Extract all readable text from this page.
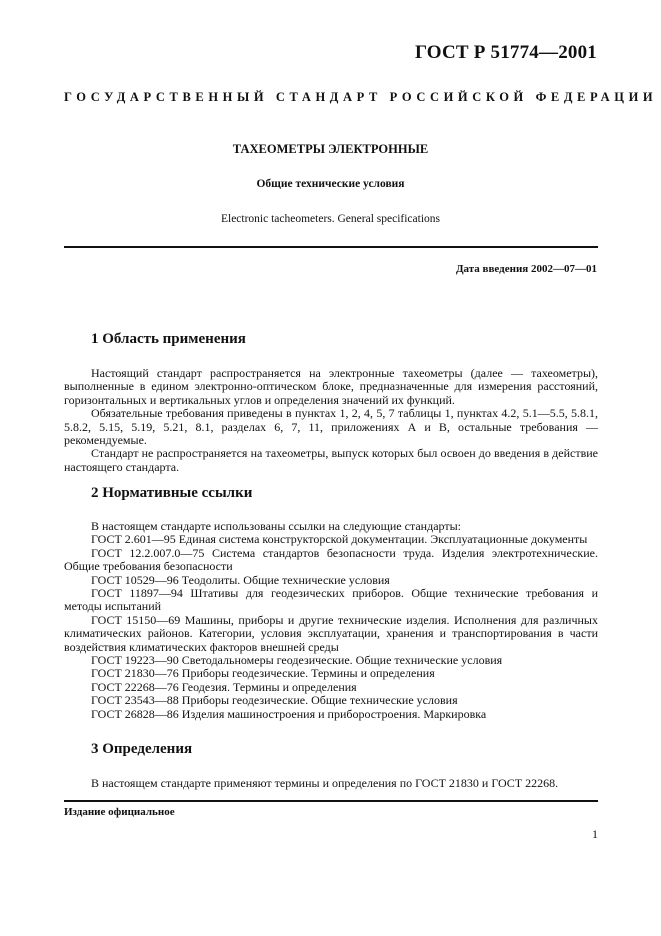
ГОСТ Р 51774—2001
ГОСУДАРСТВЕННЫЙ СТАНДАРТ РОССИЙСКОЙ ФЕДЕРАЦИИ
ТАХЕОМЕТРЫ ЭЛЕКТРОННЫЕ
Общие технические условия
Electronic tacheometers. General specifications
Дата введения 2002—07—01
1 Область применения

Настоящий стандарт распространяется на электронные тахеометры (далее — тахеометры), выполненные в едином электронно-оптическом блоке, предназначенные для измерения расстояний, горизонтальных и вертикальных углов и определения значений их функций.

Обязательные требования приведены в пунктах 1, 2, 4, 5, 7 таблицы 1, пунктах 4.2, 5.1—5.5, 5.8.1, 5.8.2, 5.15, 5.19, 5.21, 8.1, разделах 6, 7, 11, приложениях А и В, остальные требования — рекомендуемые.

Стандарт не распространяется на тахеометры, выпуск которых был освоен до введения в действие настоящего стандарта.

2 Нормативные ссылки

В настоящем стандарте использованы ссылки на следующие стандарты:

ГОСТ 2.601—95 Единая система конструкторской документации. Эксплуатационные документы

ГОСТ 12.2.007.0—75 Система стандартов безопасности труда. Изделия электротехнические. Общие требования безопасности

ГОСТ 10529—96 Теодолиты. Общие технические условия

ГОСТ 11897—94 Штативы для геодезических приборов. Общие технические требования и методы испытаний

ГОСТ 15150—69 Машины, приборы и другие технические изделия. Исполнения для различных климатических районов. Категории, условия эксплуатации, хранения и транспортирования в части воздействия климатических факторов внешней среды

ГОСТ 19223—90 Светодальномеры геодезические. Общие технические условия

ГОСТ 21830—76 Приборы геодезические. Термины и определения

ГОСТ 22268—76 Геодезия. Термины и определения

ГОСТ 23543—88 Приборы геодезические. Общие технические условия

ГОСТ 26828—86 Изделия машиностроения и приборостроения. Маркировка

3 Определения

В настоящем стандарте применяют термины и определения по ГОСТ 21830 и ГОСТ 22268.

Издание официальное
1
